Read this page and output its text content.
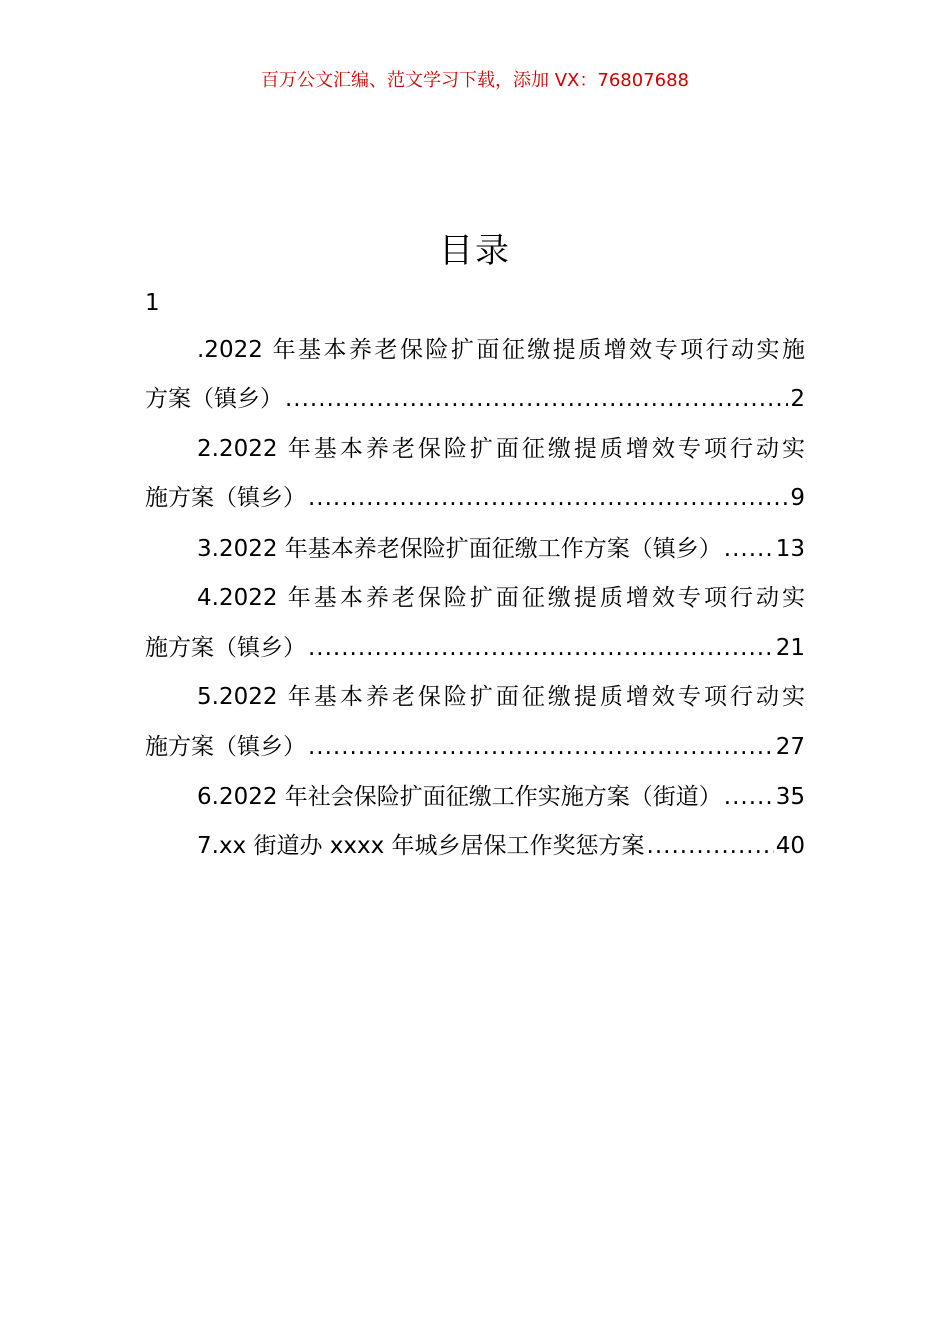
百万公文汇编、范文学习下载，添加 VX：76807688
目录
1
.2022 年基本养老保险扩面征缴提质增效专项行动实施
方案（镇乡） .....	2
2.2022 年基本养老保险扩面征缴提质增效专项行动实
施方案（镇乡） .....	9
3.2022 年基本养老保险扩面征缴工作方案（镇乡） ..... 13
4.2022 年基本养老保险扩面征缴提质增效专项行动实
施方案（镇乡） .....	21
5.2022 年基本养老保险扩面征缴提质增效专项行动实
施方案（镇乡） .....	27
6.2022 年社会保险扩面征缴工作实施方案（街道） ..... 35
7.xx 街道办 xxxx 年城乡居保工作奖惩方案 .....	40
